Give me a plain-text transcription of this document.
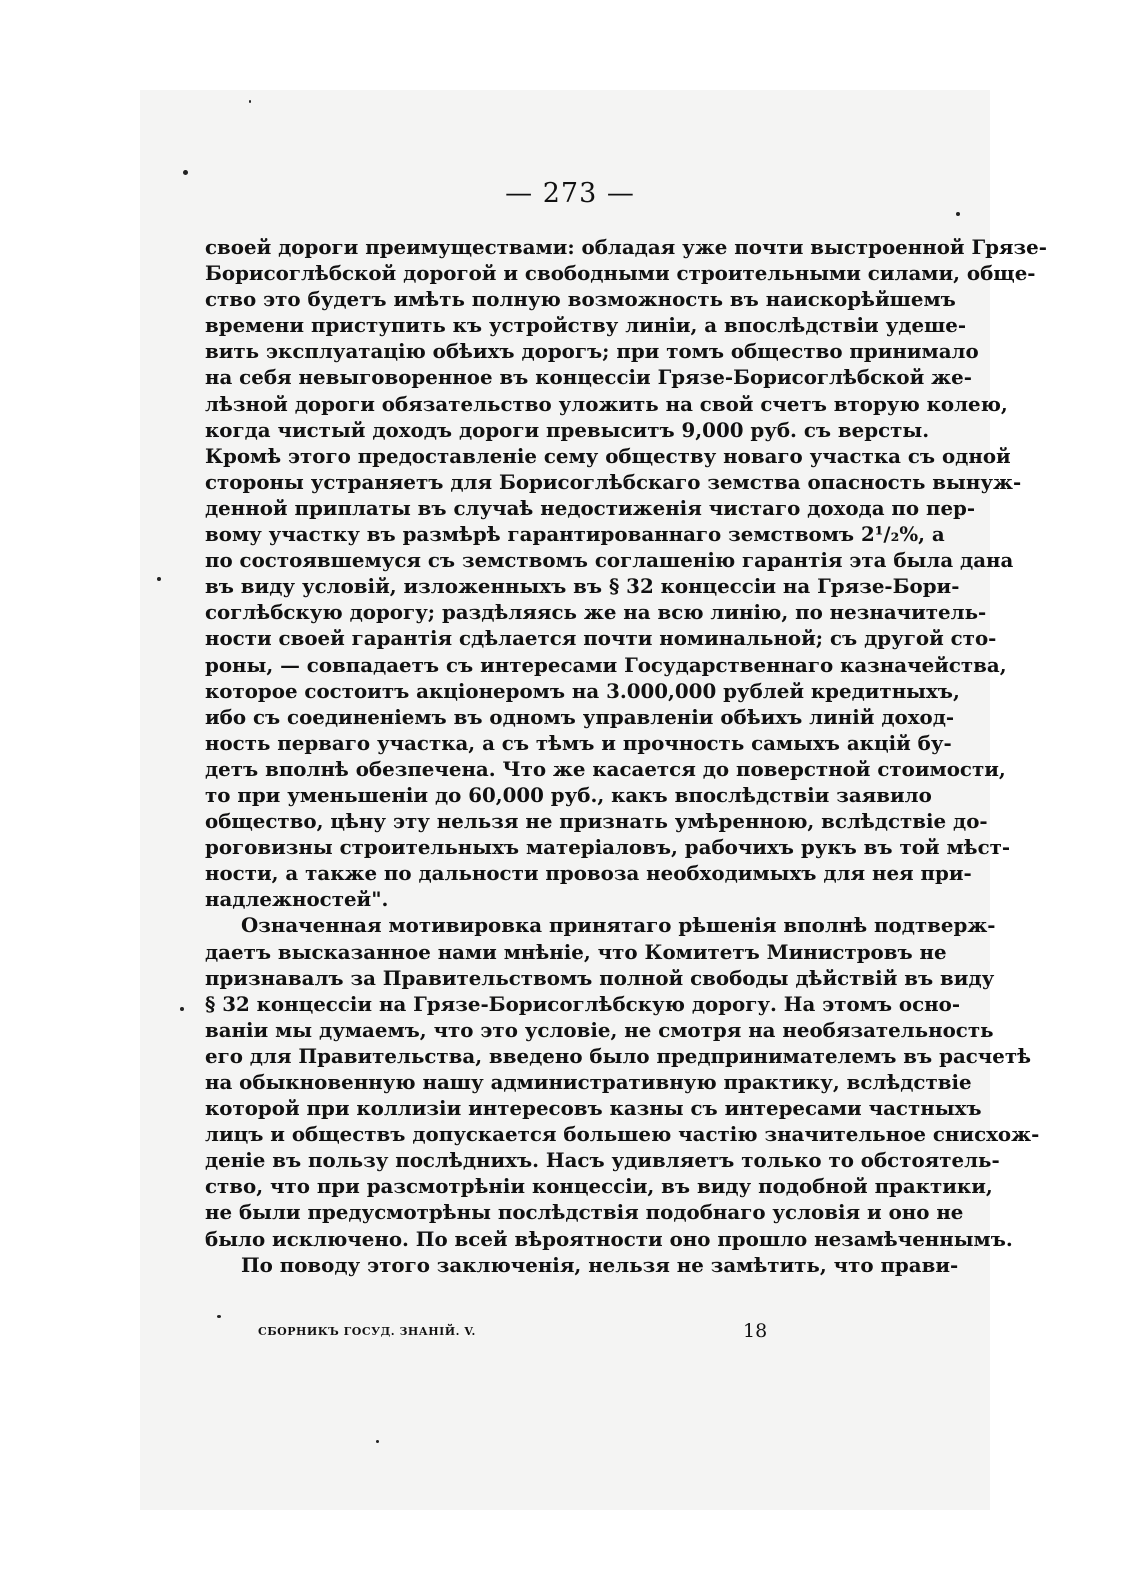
— 273 —
своей дороги преимуществами: обладая уже почти выстроенной Грязе-
Борисоглѣбской дорогой и свободными строительными силами, обще-
ство это будетъ имѣть полную возможность въ наискорѣйшемъ
времени приступить къ устройству линіи, а впослѣдствіи удеше-
вить эксплуатацію обѣихъ дорогъ; при томъ общество принимало
на себя невыговоренное въ концессіи Грязе-Борисоглѣбской же-
лѣзной дороги обязательство уложить на свой счетъ вторую колею,
когда чистый доходъ дороги превыситъ 9,000 руб. съ версты.
Кромѣ этого предоставленіе сему обществу новаго участка съ одной
стороны устраняетъ для Борисоглѣбскаго земства опасность вынуж-
денной приплаты въ случаѣ недостиженія чистаго дохода по пер-
вому участку въ размѣрѣ гарантированнаго земствомъ 2¹/₂%, а
по состоявшемуся съ земствомъ соглашенію гарантія эта была дана
въ виду условій, изложенныхъ въ § 32 концессіи на Грязе-Бори-
соглѣбскую дорогу; раздѣляясь же на всю линію, по незначитель-
ности своей гарантія сдѣлается почти номинальной; съ другой сто-
роны, — совпадаетъ съ интересами Государственнаго казначейства,
которое состоитъ акціонеромъ на 3.000,000 рублей кредитныхъ,
ибо съ соединеніемъ въ одномъ управленіи обѣихъ линій доход-
ность перваго участка, а съ тѣмъ и прочность самыхъ акцій бу-
детъ вполнѣ обезпечена. Что же касается до поверстной стоимости,
то при уменьшеніи до 60,000 руб., какъ впослѣдствіи заявило
общество, цѣну эту нельзя не признать умѣренною, вслѣдствіе до-
роговизны строительныхъ матеріаловъ, рабочихъ рукъ въ той мѣст-
ности, а также по дальности провоза необходимыхъ для нея при-
надлежностей".
Означенная мотивировка принятаго рѣшенія вполнѣ подтверж-
даетъ высказанное нами мнѣніе, что Комитетъ Министровъ не
признавалъ за Правительствомъ полной свободы дѣйствій въ виду
§ 32 концессіи на Грязе-Борисоглѣбскую дорогу. На этомъ осно-
ваніи мы думаемъ, что это условіе, не смотря на необязательность
его для Правительства, введено было предпринимателемъ въ расчетѣ
на обыкновенную нашу административную практику, вслѣдствіе
которой при коллизіи интересовъ казны съ интересами частныхъ
лицъ и обществъ допускается большею частію значительное снисхож-
деніе въ пользу послѣднихъ. Насъ удивляетъ только то обстоятель-
ство, что при разсмотрѣніи концессіи, въ виду подобной практики,
не были предусмотрѣны послѣдствія подобнаго условія и оно не
было исключено. По всей вѣроятности оно прошло незамѣченнымъ.
По поводу этого заключенія, нельзя не замѣтить, что прави-
СБОРНИКЪ ГОСУД. ЗНАНІЙ. V.	18
